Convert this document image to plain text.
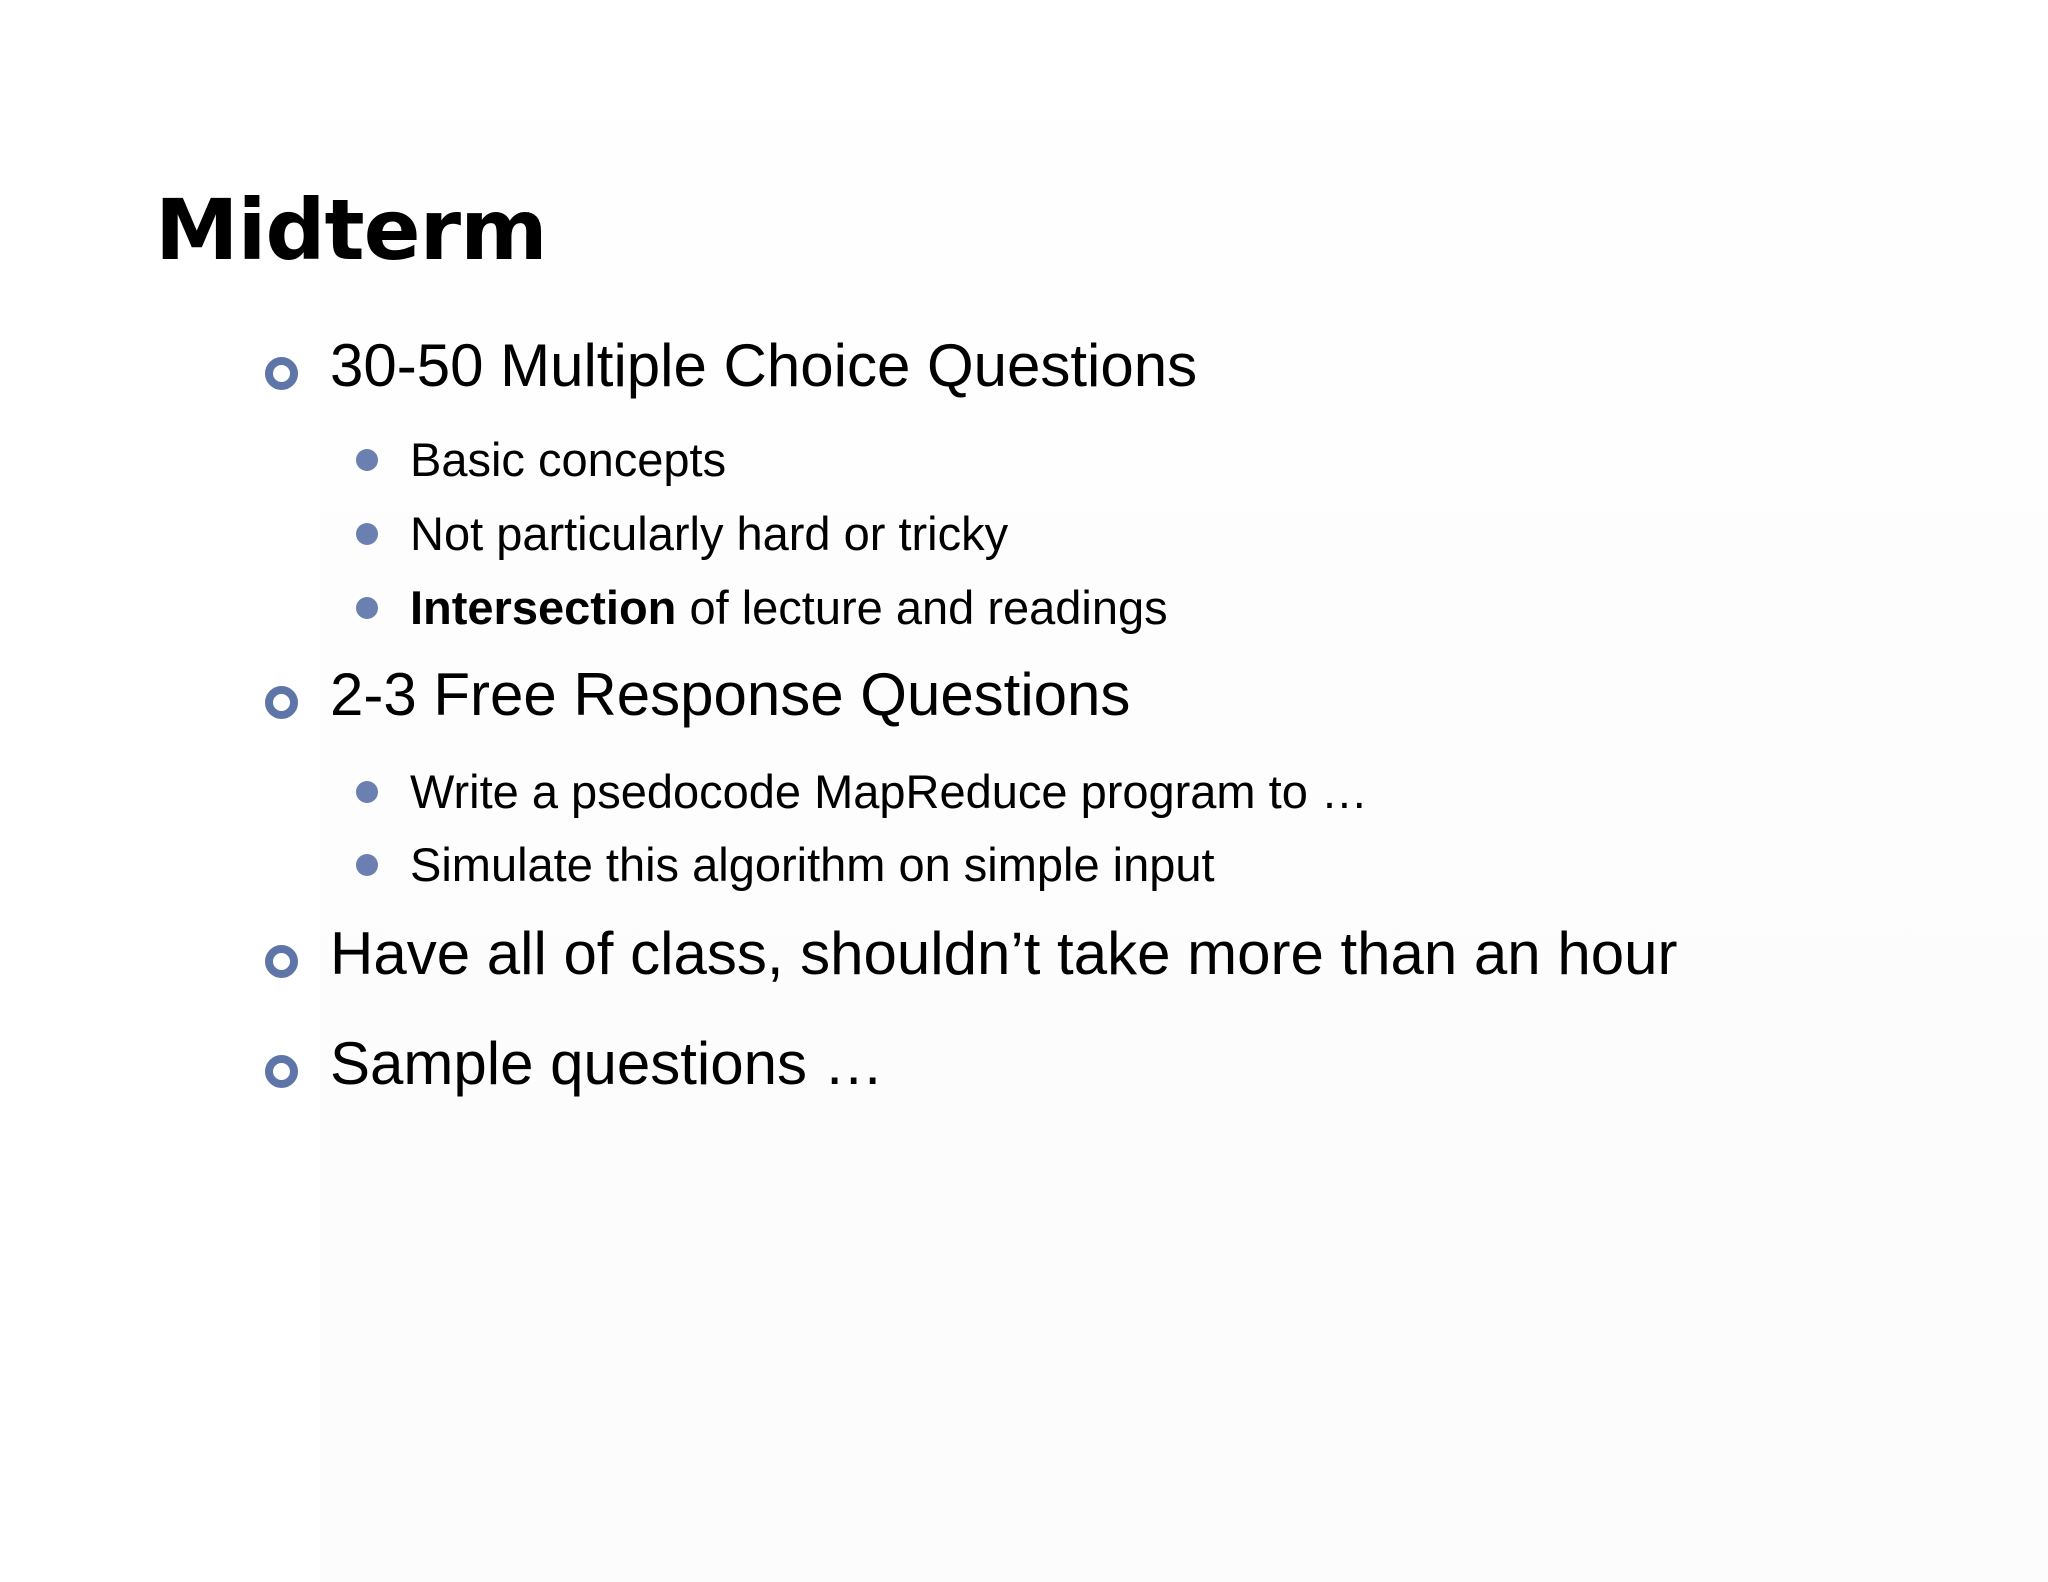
Midterm
30-50 Multiple Choice Questions
Basic concepts
Not particularly hard or tricky
Intersection of lecture and readings
2-3 Free Response Questions
Write a psedocode MapReduce program to …
Simulate this algorithm on simple input
Have all of class, shouldn’t take more than an hour
Sample questions …
